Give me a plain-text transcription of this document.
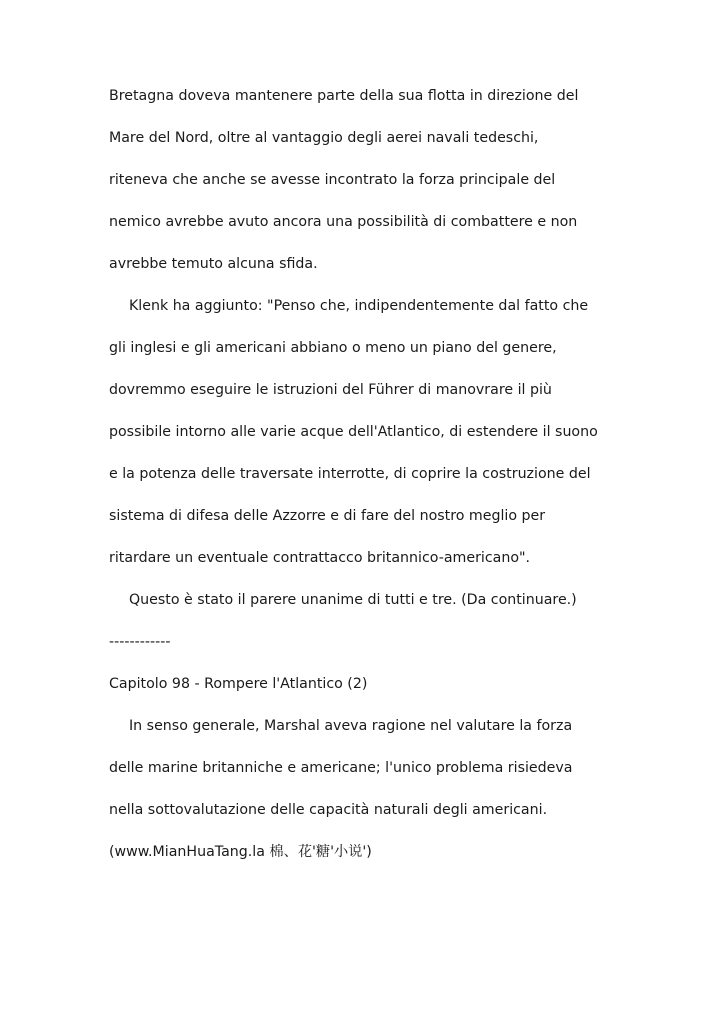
Bretagna doveva mantenere parte della sua flotta in direzione del
Mare del Nord, oltre al vantaggio degli aerei navali tedeschi,
riteneva che anche se avesse incontrato la forza principale del
nemico avrebbe avuto ancora una possibilità di combattere e non
avrebbe temuto alcuna sfida.
Klenk ha aggiunto: "Penso che, indipendentemente dal fatto che
gli inglesi e gli americani abbiano o meno un piano del genere,
dovremmo eseguire le istruzioni del Führer di manovrare il più
possibile intorno alle varie acque dell'Atlantico, di estendere il suono
e la potenza delle traversate interrotte, di coprire la costruzione del
sistema di difesa delle Azzorre e di fare del nostro meglio per
ritardare un eventuale contrattacco britannico-americano".
Questo è stato il parere unanime di tutti e tre. (Da continuare.)
------------
Capitolo 98 - Rompere l'Atlantico (2)
In senso generale, Marshal aveva ragione nel valutare la forza
delle marine britanniche e americane; l'unico problema risiedeva
nella sottovalutazione delle capacità naturali degli americani.
(www.MianHuaTang.la 棉、花'糖'小说')
